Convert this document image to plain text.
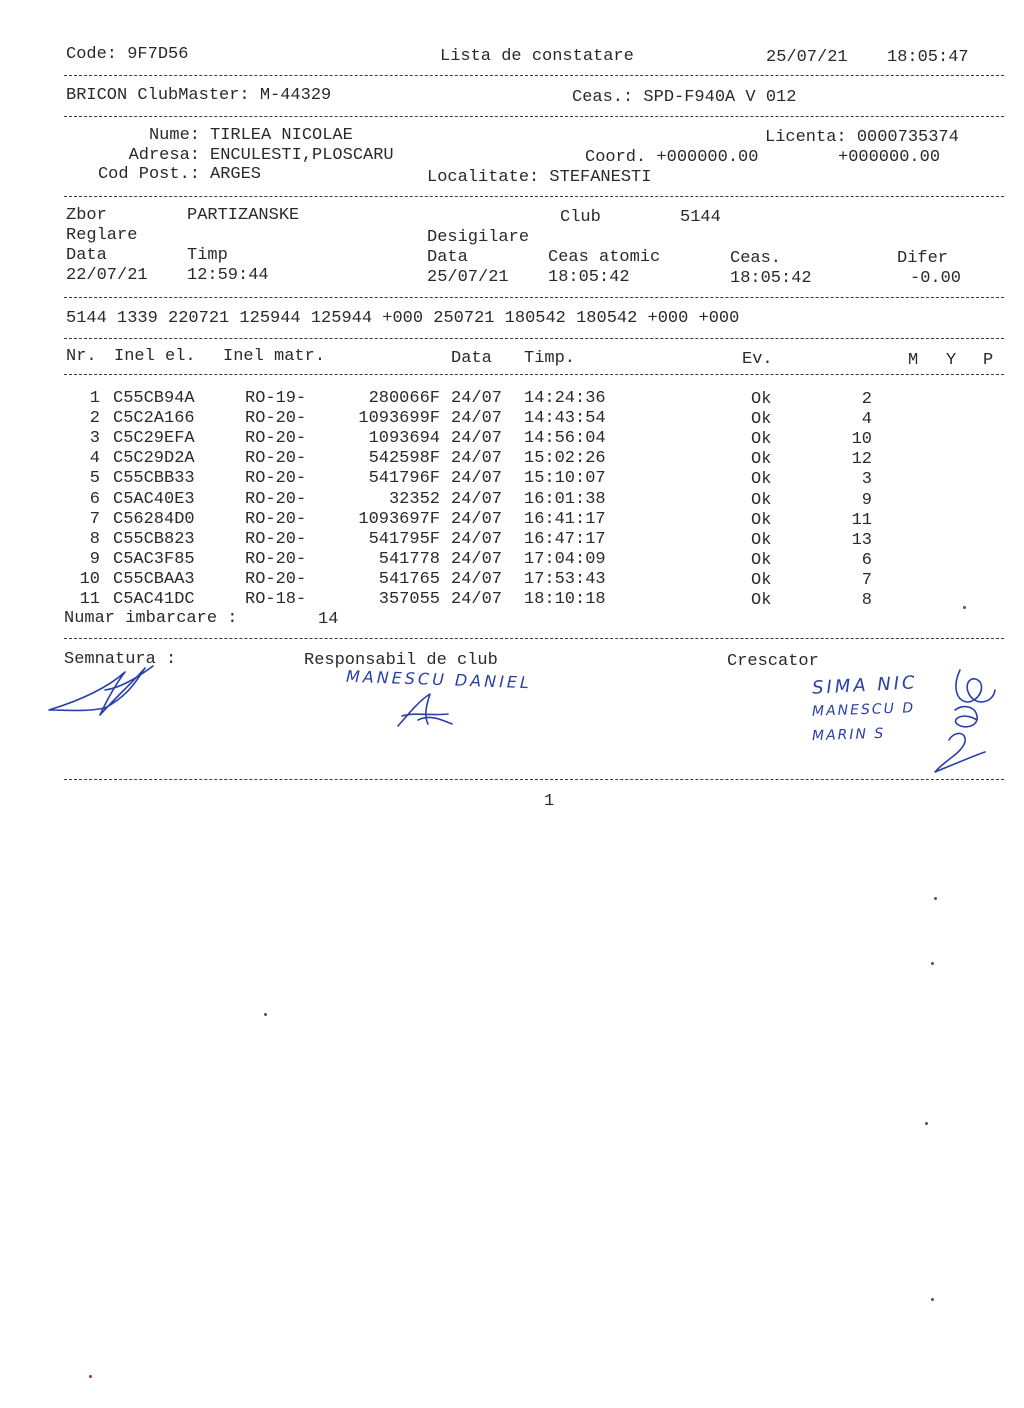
Code: 9F7D56	Lista de constatare	25/07/21 18:05:47
BRICON ClubMaster: M-44329	Ceas.: SPD-F940A V 012
Nume: TIRLEA NICOLAE	Licenta: 0000735374
Adresa: ENCULESTI,PLOSCARU	Coord. +000000.00	+000000.00
Cod Post.: ARGES	Localitate: STEFANESTI
Zbor	PARTIZANSKE	Club	5144
Reglare	Desigilare
Data	Timp	Data	Ceas atomic	Ceas.	Difer
22/07/21 12:59:44	25/07/21 18:05:42	18:05:42	-0.00
5144 1339 220721 125944 125944 +000 250721 180542 180542 +000 +000
Nr. Inel el. Inel matr.	Data Timp.	Ev.	M Y P
1 C55CB94A	RO-19-	280066F 24/07	14:24:36	Ok	2
2 C5C2A166	RO-20-	1093699F 24/07	14:43:54	Ok	4
3 C5C29EFA	RO-20-	1093694 24/07	14:56:04	Ok	10
4 C5C29D2A	RO-20-	542598F 24/07	15:02:26	Ok	12
5 C55CBB33	RO-20-	541796F 24/07	15:10:07	Ok	3
6 C5AC40E3	RO-20-	32352 24/07	16:01:38	Ok	9
7 C56284D0	RO-20-	1093697F 24/07	16:41:17	Ok	11
8 C55CB823	RO-20-	541795F 24/07	16:47:17	Ok	13
9 C5AC3F85	RO-20-	541778 24/07	17:04:09	Ok	6
10 C55CBAA3	RO-20-	541765 24/07	17:53:43	Ok	7
11 C5AC41DC	RO-18-	357055 24/07	18:10:18	Ok	8
Numar imbarcare :	14
Semnatura :	Responsabil de club	Crescator
MANESCU DANIEL	SIMA NIC
MANESCU D
MARIN S
1
